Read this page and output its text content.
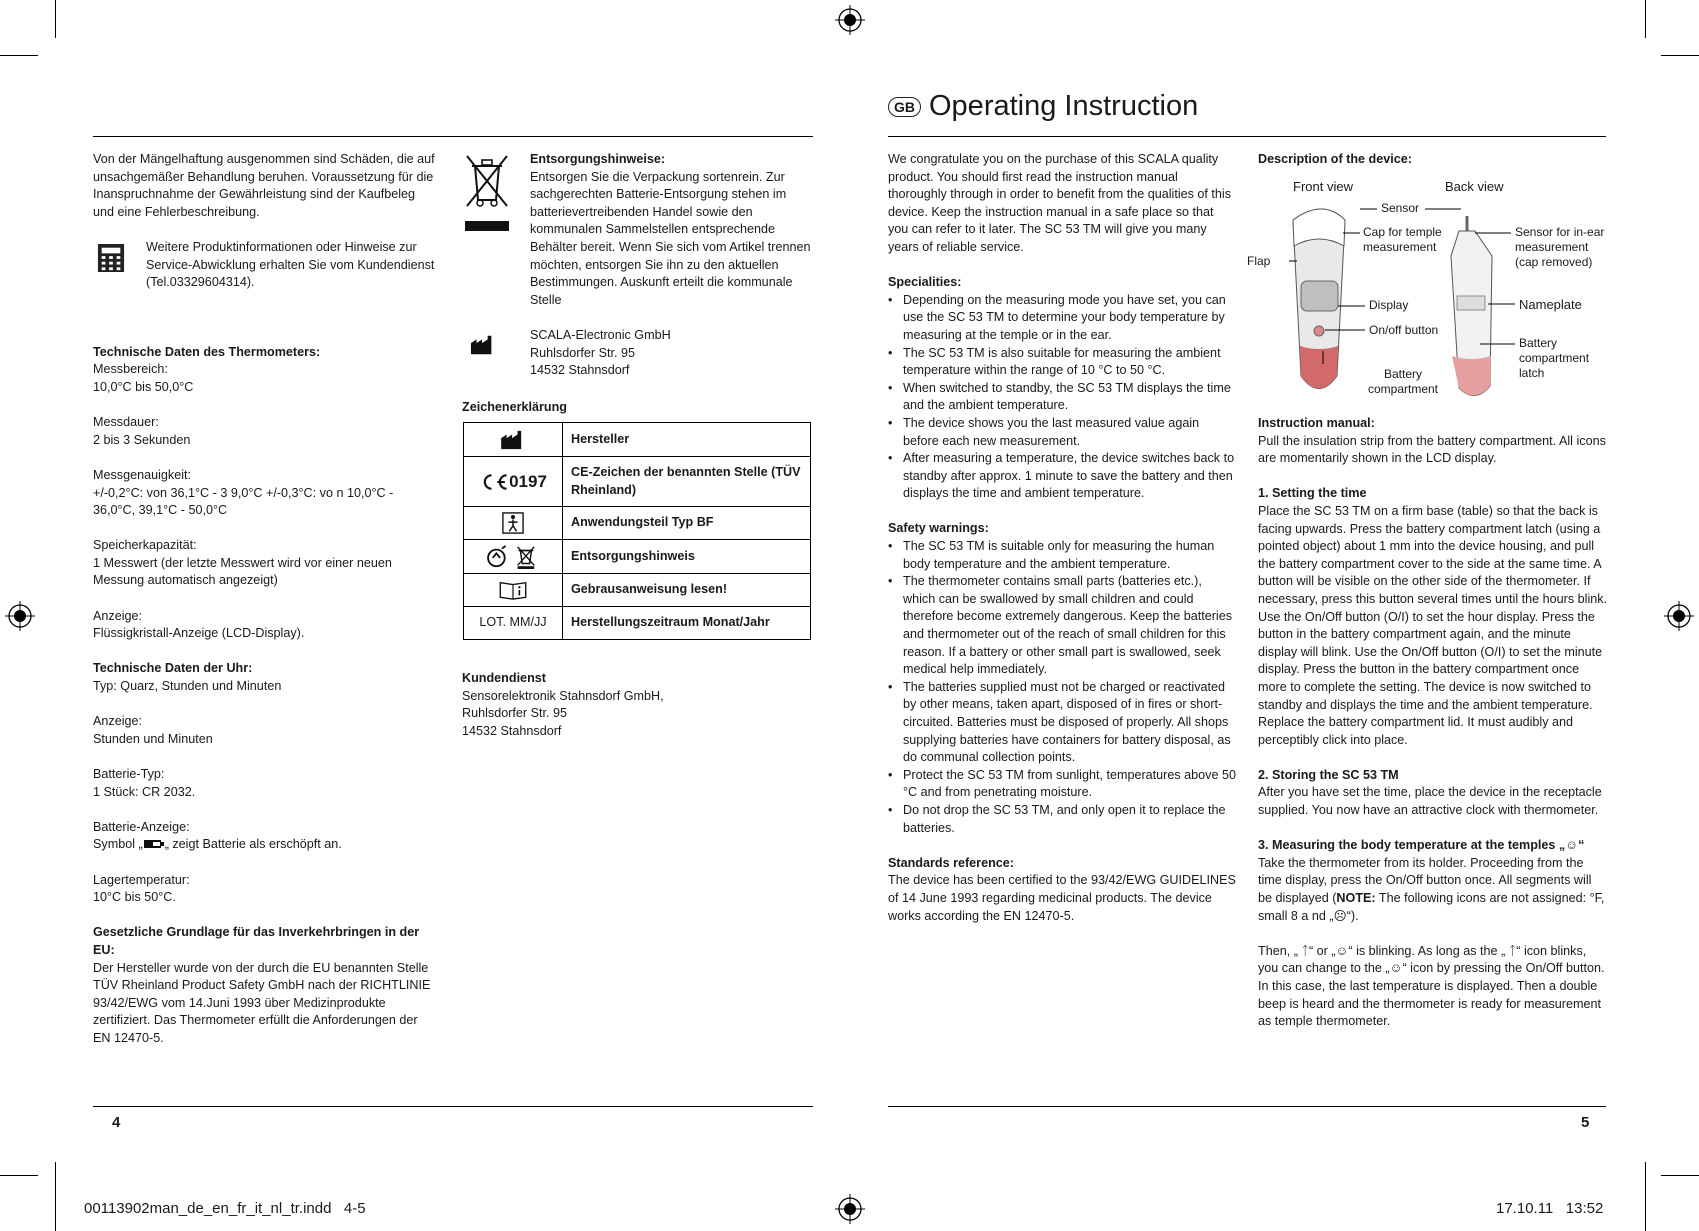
GB Operating Instruction

Von der Mängelhaftung ausgenommen sind Schäden, die auf unsachgemäßer Behandlung beruhen. Voraussetzung für die Inanspruchnahme der Gewährleistung sind der Kaufbeleg und eine Fehlerbeschreibung.

Weitere Produktinformationen oder Hinweise zur Service-Abwicklung erhalten Sie vom Kundendienst (Tel.03329604314).
Technische Daten des Thermometers:
Messbereich:
10,0°C bis 50,0°C
Messdauer:
2 bis 3 Sekunden
Messgenauigkeit:
+/-0,2°C: von 36,1°C - 3 9,0°C +/-0,3°C: vo n 10,0°C - 36,0°C, 39,1°C - 50,0°C
Speicherkapazität:
1 Messwert (der letzte Messwert wird vor einer neuen Messung automatisch angezeigt)
Anzeige:
Flüssigkristall-Anzeige (LCD-Display).
Technische Daten der Uhr:
Typ: Quarz, Stunden und Minuten
Anzeige:
Stunden und Minuten
Batterie-Typ:
1 Stück: CR 2032.
Batterie-Anzeige:
Symbol „ „ zeigt Batterie als erschöpft an.
Lagertemperatur:
10°C bis 50°C.
Gesetzliche Grundlage für das Inverkehrbringen in der EU:
Der Hersteller wurde von der durch die EU benannten Stelle TÜV Rheinland Product Safety GmbH nach der RICHTLINIE 93/42/EWG vom 14.Juni 1993 über Medizinprodukte zertifiziert. Das Thermometer erfüllt die Anforderungen der EN 12470-5.
Entsorgungshinweise:
Entsorgen Sie die Verpackung sortenrein. Zur sachgerechten Batterie-Entsorgung stehen im batterievertreibenden Handel sowie den kommunalen Sammelstellen entsprechende Behälter bereit. Wenn Sie sich vom Artikel trennen möchten, entsorgen Sie ihn zu den aktuellen Bestimmungen. Auskunft erteilt die kommunale Stelle
SCALA-Electronic GmbH
Ruhlsdorfer Str. 95
14532 Stahnsdorf
Zeichenerklärung
	Hersteller
0197	CE-Zeichen der benannten Stelle (TÜV Rheinland)
	Anwendungsteil Typ BF
	Entsorgungshinweis
	Gebrausanweisung lesen!
LOT. MM/JJ	Herstellungszeitraum Monat/Jahr
Kundendienst
Sensorelektronik Stahnsdorf GmbH,
Ruhlsdorfer Str. 95
14532 Stahnsdorf

We congratulate you on the purchase of this SCALA quality product. You should first read the instruction manual thoroughly through in order to benefit from the qualities of this device. Keep the instruction manual in a safe place so that you can refer to it later. The SC 53 TM will give you many years of reliable service.

Specialities:
• Depending on the measuring mode you have set, you can use the SC 53 TM to determine your body temperature by measuring at the temple or in the ear.
• The SC 53 TM is also suitable for measuring the ambient temperature within the range of 10 °C to 50 °C.
• When switched to standby, the SC 53 TM displays the time and the ambient temperature.
• The device shows you the last measured value again before each new measurement.
• After measuring a temperature, the device switches back to standby after approx. 1 minute to save the battery and then displays the time and ambient temperature.
Safety warnings:
• The SC 53 TM is suitable only for measuring the human body temperature and the ambient temperature.
• The thermometer contains small parts (batteries etc.), which can be swallowed by small children and could therefore become extremely dangerous. Keep the batteries and thermometer out of the reach of small children for this reason. If a battery or other small part is swallowed, seek medical help immediately.
• The batteries supplied must not be charged or reactivated by other means, taken apart, disposed of in fires or short-circuited. Batteries must be disposed of properly. All shops supplying batteries have containers for battery disposal, as do communal collection points.
• Protect the SC 53 TM from sunlight, temperatures above 50 °C and from penetrating moisture.
• Do not drop the SC 53 TM, and only open it to replace the batteries.
Standards reference:
The device has been certified to the 93/42/EWG GUIDELINES of 14 June 1993 regarding medicinal products. The device works according the EN 12470-5.
Description of the device:
Front view	Back view
Sensor
Cap for temple measurement
Flap
Display
On/off button
Battery compartment
Sensor for in-ear measurement (cap removed)
Nameplate
Battery compartment latch
Instruction manual:

Pull the insulation strip from the battery compartment. All icons are momentarily shown in the LCD display.

1. Setting the time

Place the SC 53 TM on a firm base (table) so that the back is facing upwards. Press the battery compartment latch (using a pointed object) about 1 mm into the device housing, and pull the battery compartment cover to the side at the same time. A button will be visible on the other side of the thermometer. If necessary, press this button several times until the hours blink. Use the On/Off button (O/I) to set the hour display. Press the button in the battery compartment again, and the minute display will blink. Use the On/Off button (O/I) to set the minute display. Press the button in the battery compartment once more to complete the setting. The device is now switched to standby and displays the time and the ambient temperature. Replace the battery compartment lid. It must audibly and perceptibly click into place.

2. Storing the SC 53 TM

After you have set the time, place the device in the receptacle supplied. You now have an attractive clock with thermometer.

3. Measuring the body temperature at the temples „☺“

Take the thermometer from its holder. Proceeding from the time display, press the On/Off button once. All segments will be displayed (NOTE: The following icons are not assigned: °F, small 8 a nd „☹“).

Then, „ ᛏ“ or „☺“ is blinking. As long as the „ ᛏ“ icon blinks, you can change to the „☺“ icon by pressing the On/Off button. In this case, the last temperature is displayed. Then a double beep is heard and the thermometer is ready for measurement as temple thermometer.
4	5
00113902man_de_en_fr_it_nl_tr.indd   4-5	17.10.11   13:52
